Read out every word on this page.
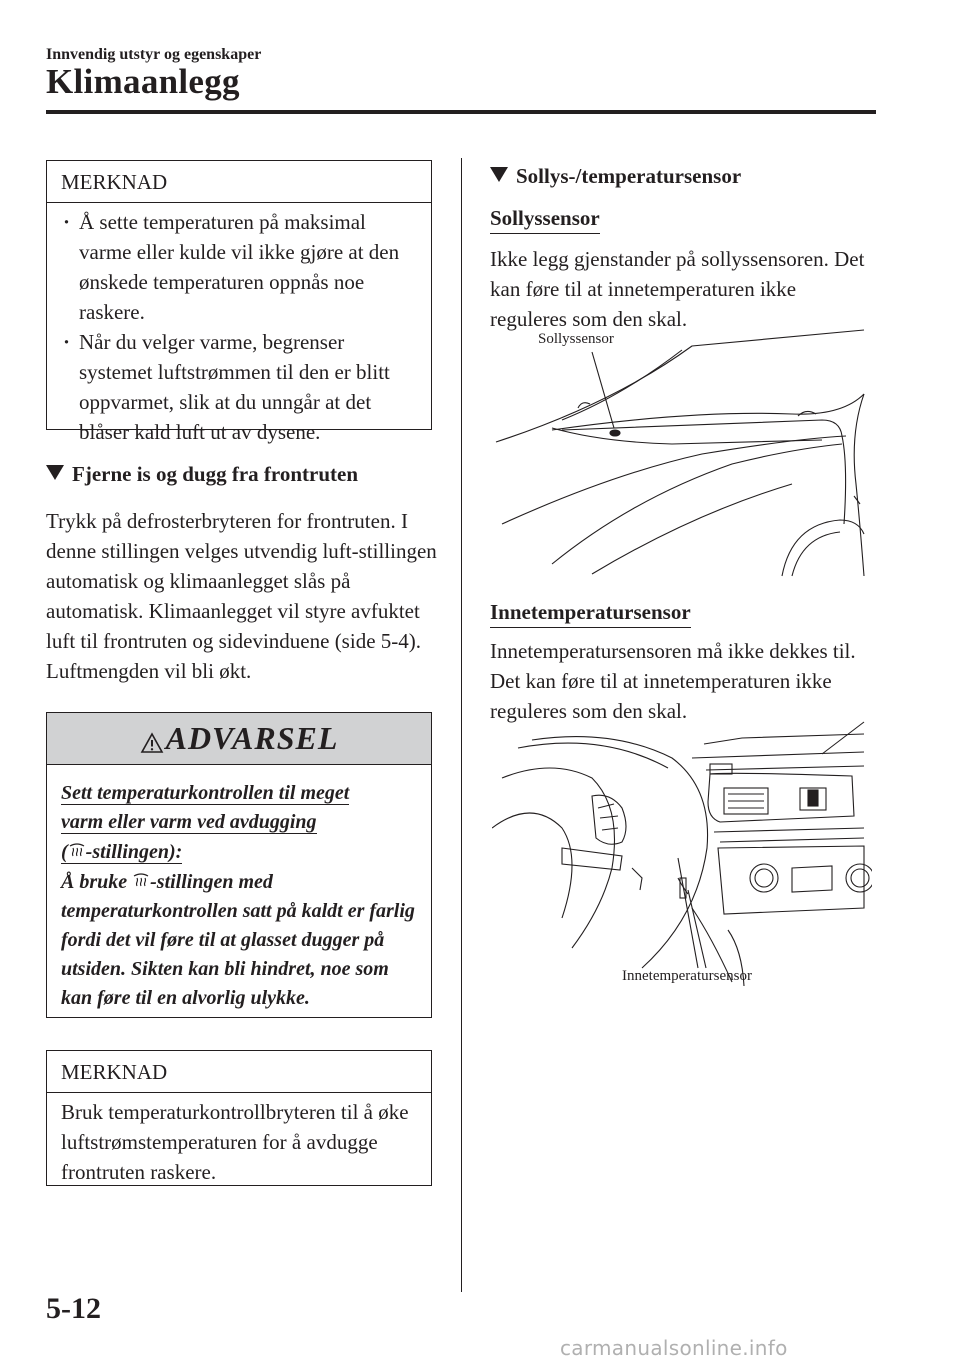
Innvendig utstyr og egenskaper
Klimaanlegg
MERKNAD
· Å sette temperaturen på maksimal varme eller kulde vil ikke gjøre at den ønskede temperaturen oppnås noe raskere.
· Når du velger varme, begrenser systemet luftstrømmen til den er blitt oppvarmet, slik at du unngår at det blåser kald luft ut av dysene.
Fjerne is og dugg fra frontruten
Trykk på defrosterbryteren for frontruten. I denne stillingen velges utvendig luft-stillingen automatisk og klimaanlegget slås på automatisk. Klimaanlegget vil styre avfuktet luft til frontruten og sidevinduene (side 5-4). Luftmengden vil bli økt.
ADVARSEL
Sett temperaturkontrollen til meget
varm eller varm ved avdugging
( -stillingen):
Å bruke -stillingen med
temperaturkontrollen satt på kaldt er farlig fordi det vil føre til at glasset dugger på utsiden. Sikten kan bli hindret, noe som kan føre til en alvorlig ulykke.
MERKNAD
Bruk temperaturkontrollbryteren til å øke luftstrømstemperaturen for å avdugge frontruten raskere.
Sollys-/temperatursensor
Sollyssensor
Ikke legg gjenstander på sollyssensoren. Det kan føre til at innetemperaturen ikke reguleres som den skal.
Sollyssensor
Innetemperatursensor
Innetemperatursensoren må ikke dekkes til. Det kan føre til at innetemperaturen ikke reguleres som den skal.
Innetemperatursensor
5-12
carmanualsonline.info
